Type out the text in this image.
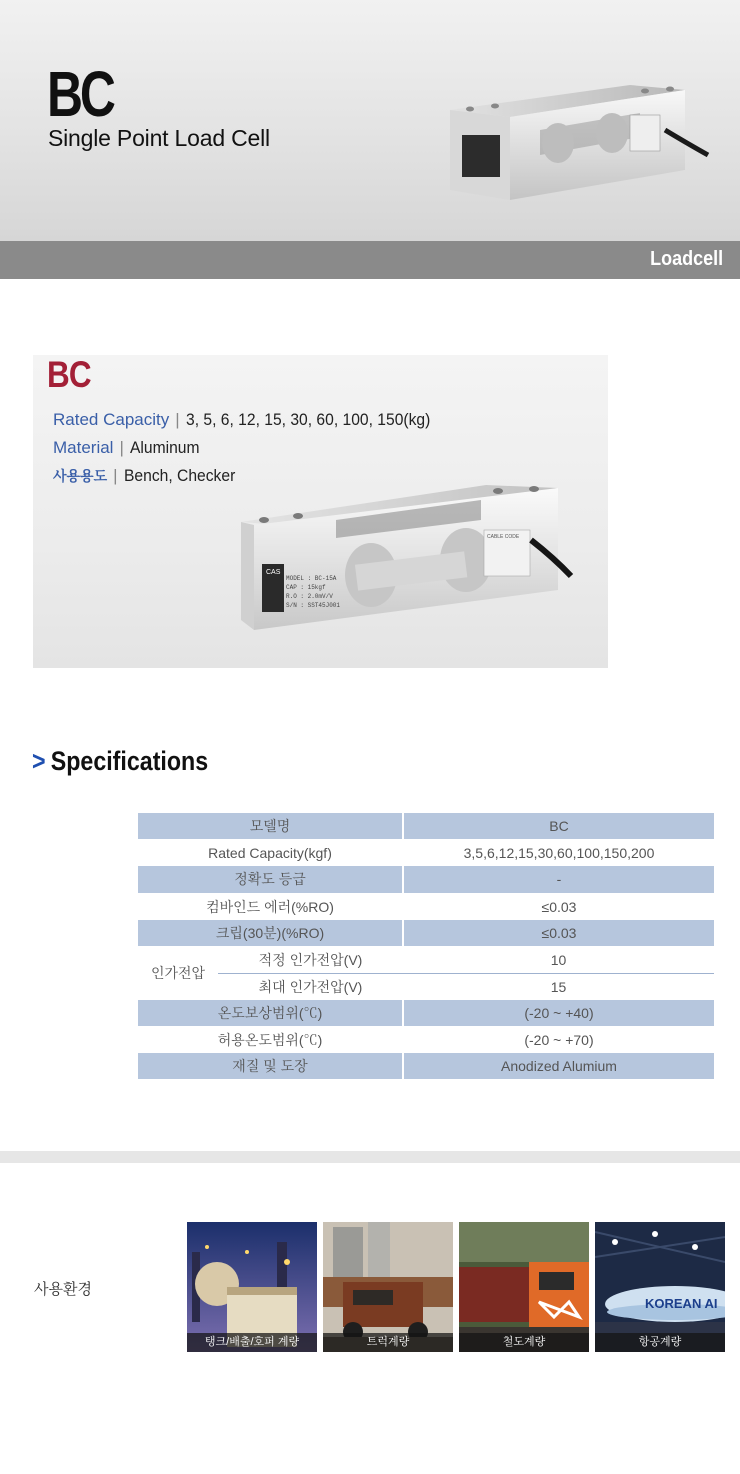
BC
Single Point Load Cell
Loadcell
BC
Rated Capacity | 3, 5, 6, 12, 15, 30, 60, 100, 150(kg)
Material | Aluminum
사용용도 | Bench, Checker
CAS
MODEL : BC-15A
CAP : 15kgf
R.O : 2.0mV/V
S/N : SST45J001
CABLE CODE
> Specifications
모델명		BC
Rated Capacity(kgf)		3,5,6,12,15,30,60,100,150,200
정확도 등급		-
컴바인드 에러(%RO)		≤0.03
크립(30분)(%RO)		≤0.03
인가전압	적정 인가전압(V)	10
	최대 인가전압(V)	15
온도보상범위(℃)		(-20 ~ +40)
허용온도범위(℃)		(-20 ~ +70)
재질 및 도장		Anodized Alumium
사용환경
탱크/배출/호퍼 계량	트럭계량	철도계량
KOREAN AI
항공계량
